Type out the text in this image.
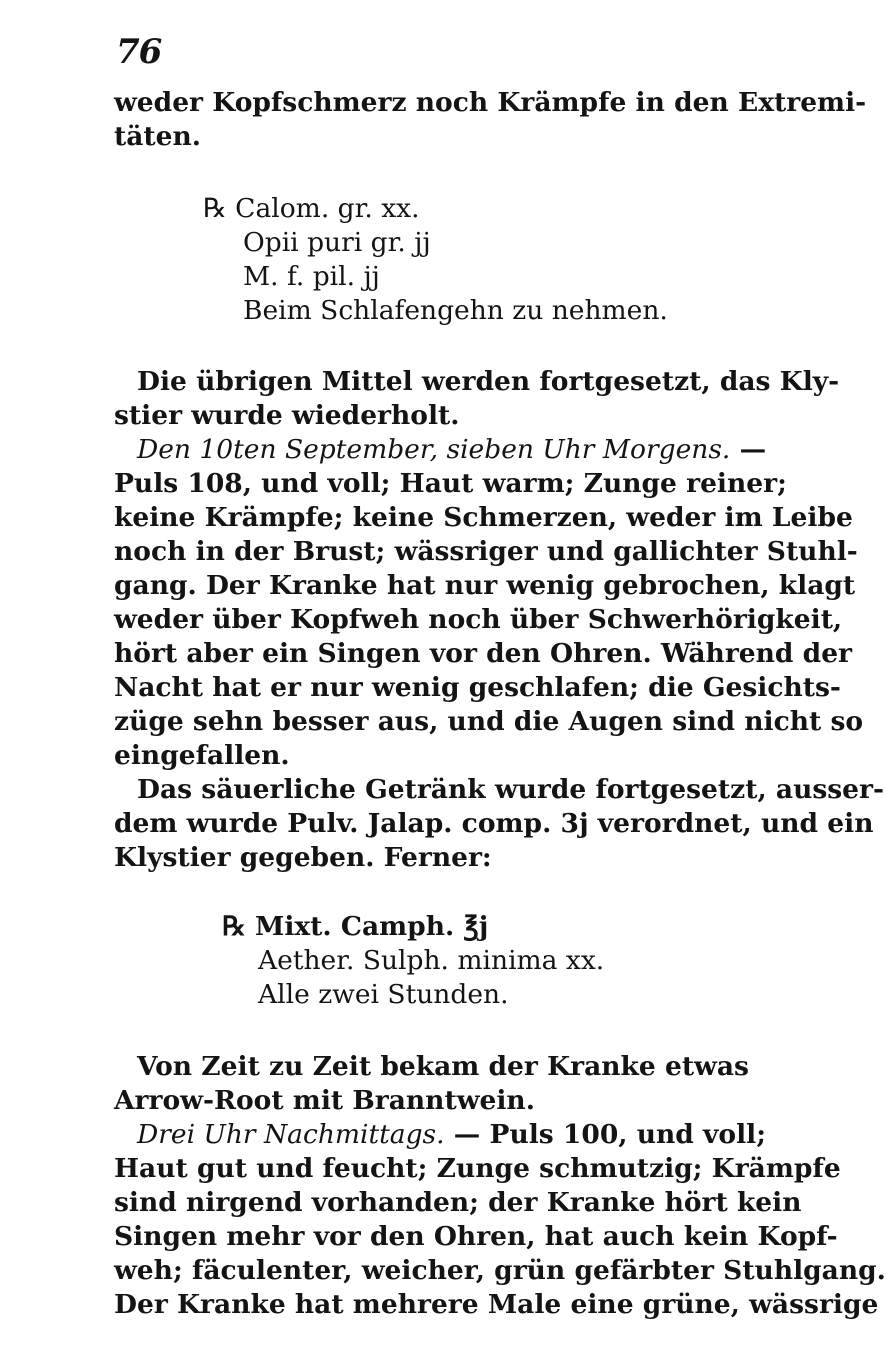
76
weder Kopfschmerz noch Krämpfe in den Extremi-
täten.
℞ Calom. gr. xx.
Opii puri gr. jj
M. f. pil. jj
Beim Schlafengehn zu nehmen.
Die übrigen Mittel werden fortgesetzt, das Kly-
stier wurde wiederholt.
Den 10ten September, sieben Uhr Morgens. —
Puls 108, und voll; Haut warm; Zunge reiner;
keine Krämpfe; keine Schmerzen, weder im Leibe
noch in der Brust; wässriger und gallichter Stuhl-
gang. Der Kranke hat nur wenig gebrochen, klagt
weder über Kopfweh noch über Schwerhörigkeit,
hört aber ein Singen vor den Ohren. Während der
Nacht hat er nur wenig geschlafen; die Gesichts-
züge sehn besser aus, und die Augen sind nicht so
eingefallen.
Das säuerliche Getränk wurde fortgesetzt, ausser-
dem wurde Pulv. Jalap. comp. 3j verordnet, und ein
Klystier gegeben. Ferner:
℞ Mixt. Camph. ℥j
Aether. Sulph. minima xx.
Alle zwei Stunden.
Von Zeit zu Zeit bekam der Kranke etwas
Arrow-Root mit Branntwein.
Drei Uhr Nachmittags. — Puls 100, und voll;
Haut gut und feucht; Zunge schmutzig; Krämpfe
sind nirgend vorhanden; der Kranke hört kein
Singen mehr vor den Ohren, hat auch kein Kopf-
weh; fäculenter, weicher, grün gefärbter Stuhlgang.
Der Kranke hat mehrere Male eine grüne, wässrige
